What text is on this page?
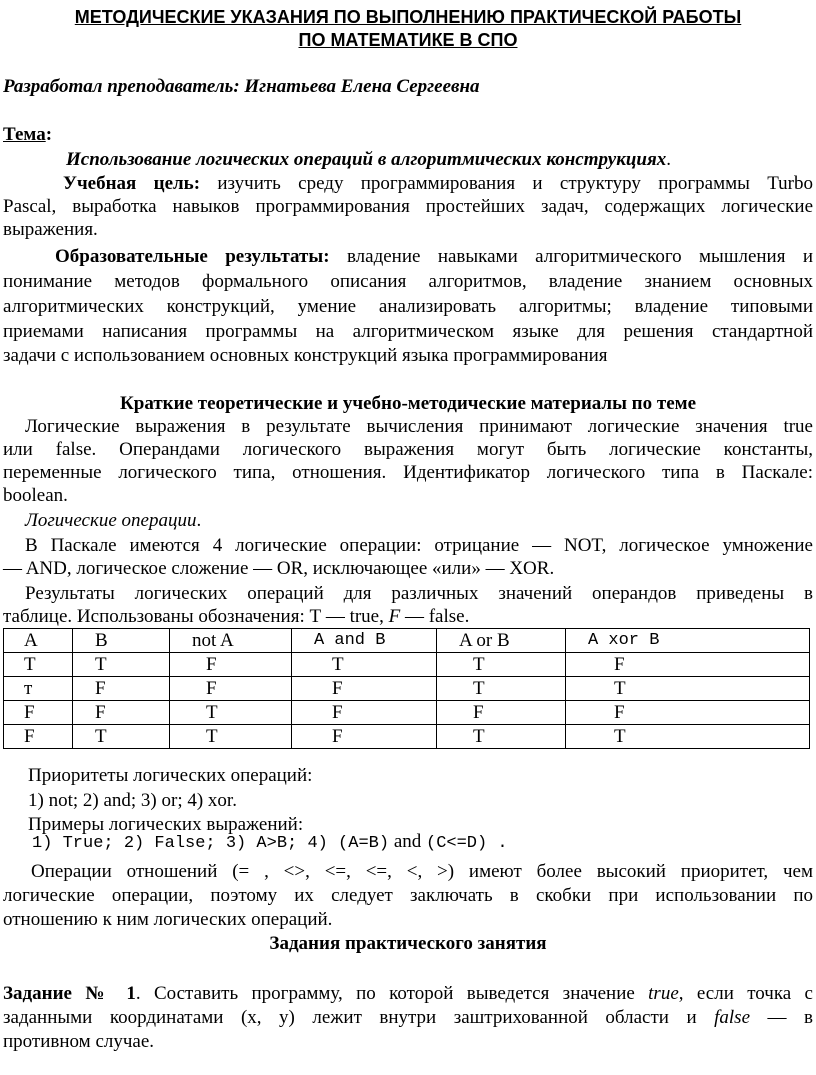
МЕТОДИЧЕСКИЕ УКАЗАНИЯ ПО ВЫПОЛНЕНИЮ ПРАКТИЧЕСКОЙ РАБОТЫ
ПО МАТЕМАТИКЕ В СПО
Разработал преподаватель: Игнатьева Елена Сергеевна
Тема:
Использование логических операций в алгоритмических конструкциях.
Учебная цель: изучить среду программирования и структуру программы Turbo
Pascal, выработка навыков программирования простейших задач, содержащих логические
выражения.
Образовательные результаты: владение навыками алгоритмического мышления и
понимание методов формального описания алгоритмов, владение знанием основных
алгоритмических конструкций, умение анализировать алгоритмы; владение типовыми
приемами написания программы на алгоритмическом языке для решения стандартной
задачи с использованием основных конструкций языка программирования
Краткие теоретические и учебно-методические материалы по теме
Логические выражения в результате вычисления принимают логические значения true
или false. Операндами логического выражения могут быть логические константы,
переменные логического типа, отношения. Идентификатор логического типа в Паскале:
boolean.
Логические операции.
В Паскале имеются 4 логические операции: отрицание — NOT, логическое умножение
— AND, логическое сложение — OR, исключающее «или» — XOR.
Результаты логических операций для различных значений операндов приведены в
таблице. Использованы обозначения: Т — true, F — false.
A	B	not A	A and B	A or B	A xor B
T	T	F	T	T	F
т	F	F	F	T	T
F	F	T	F	F	F
F	T	T	F	T	T
Приоритеты логических операций:
1) not; 2) and; 3) or; 4) xor.
Примеры логических выражений:
1) True; 2) False; 3) A>B; 4) (A=B) and (C<=D) .
Операции отношений (= , <>, <=, <=, <, >) имеют более высокий приоритет, чем
логические операции, поэтому их следует заключать в скобки при использовании по
отношению к ним логических операций.
Задания практического занятия
Задание № 1. Составить программу, по которой выведется значение true, если точка с
заданными координатами (х, у) лежит внутри заштрихованной области и false — в
противном случае.
